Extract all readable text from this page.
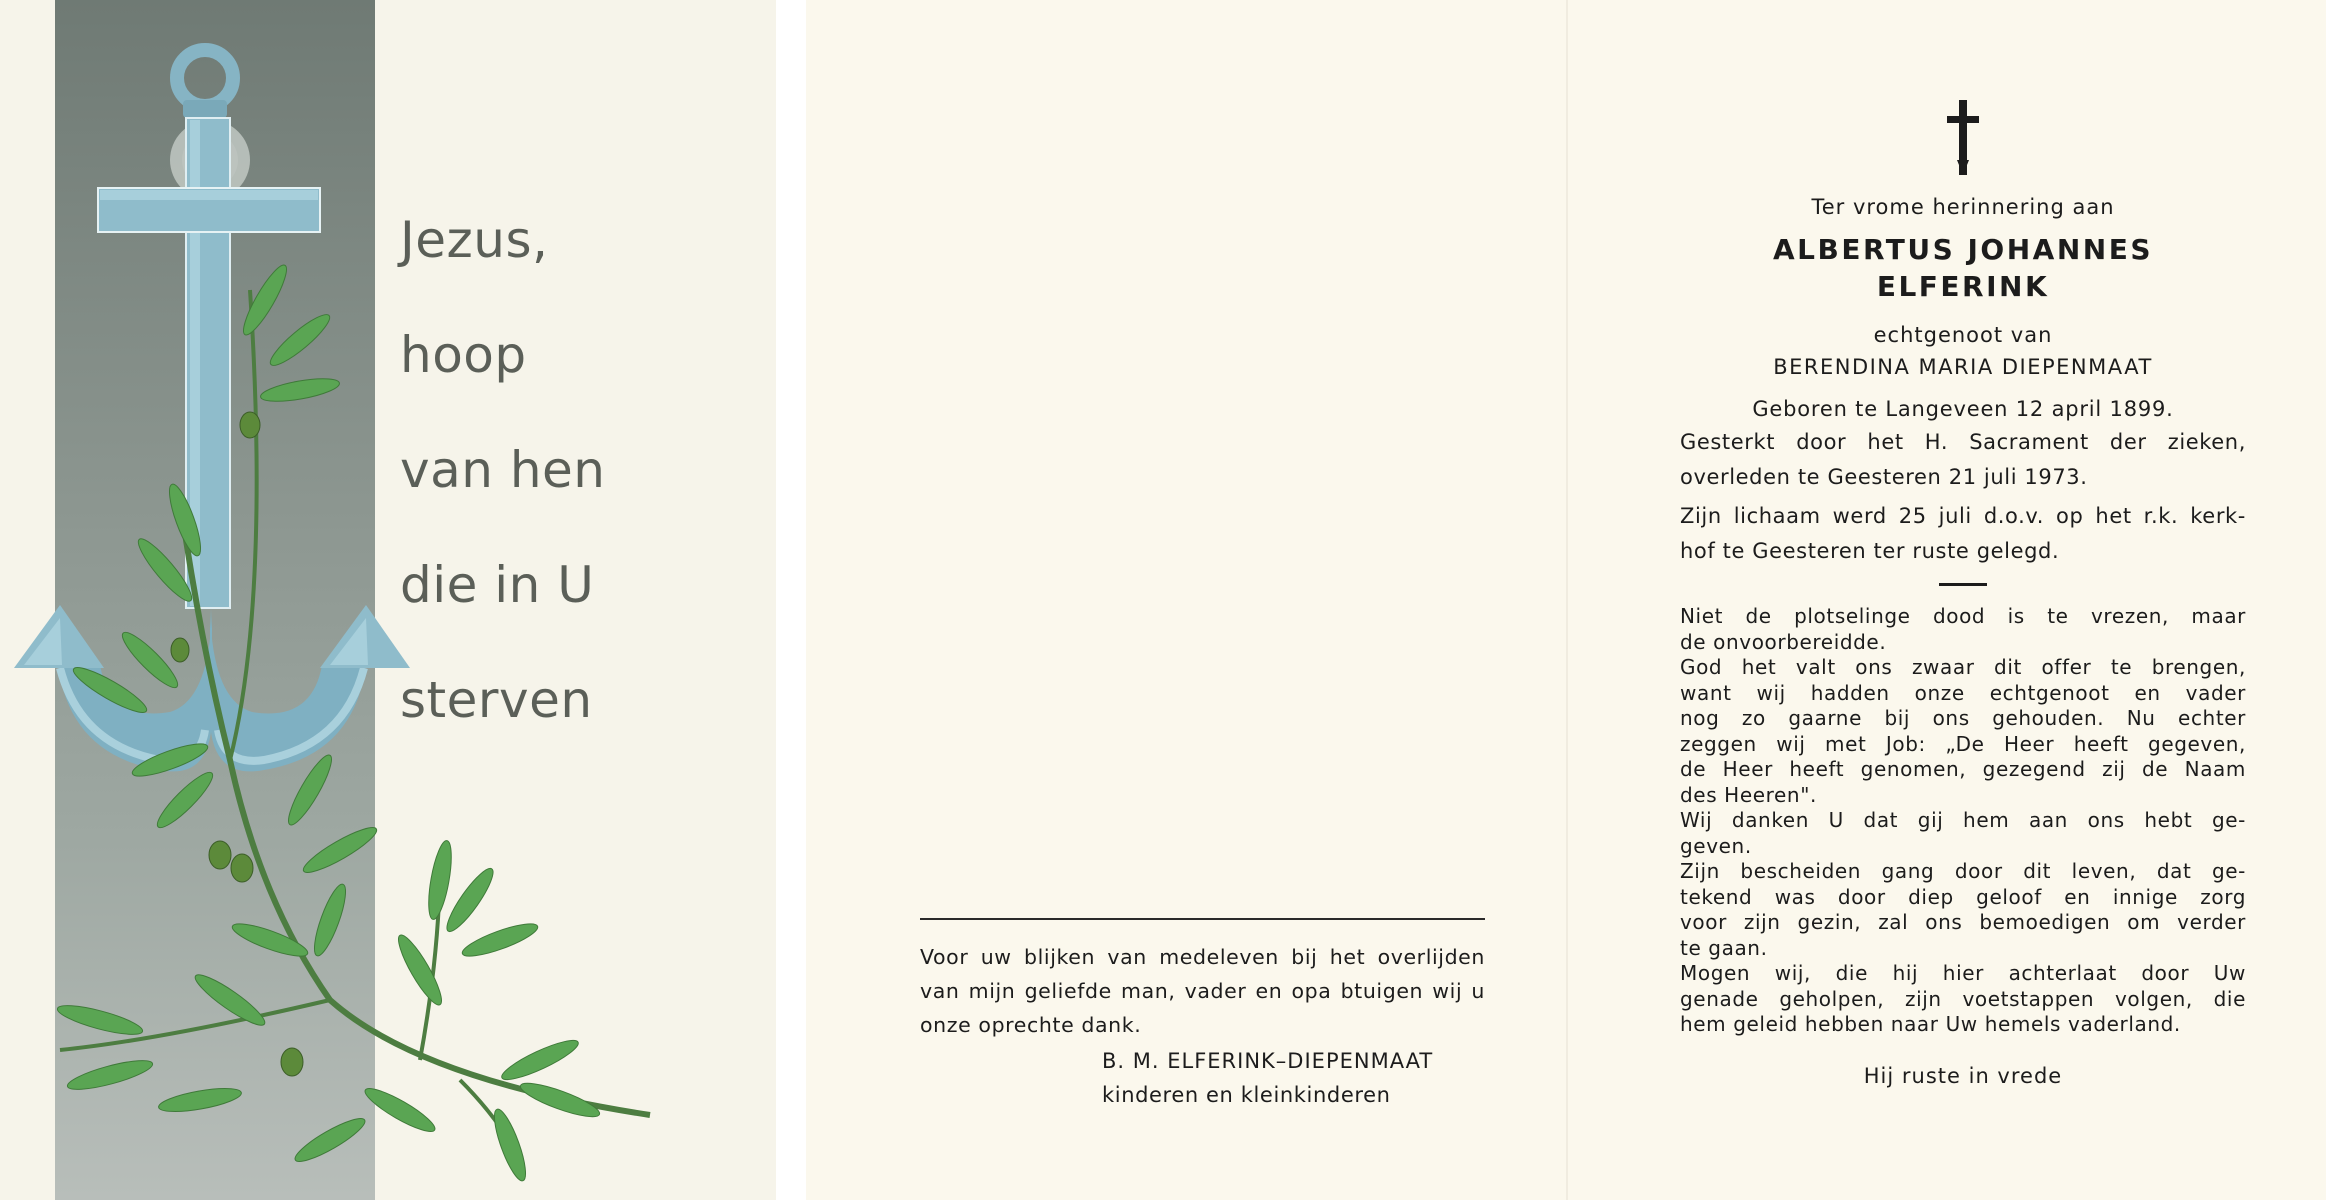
Jezus,
hoop
van hen
die in U
sterven
Voor uw blijken van medeleven bij het overlijden van mijn geliefde man, vader en opa btuigen wij u onze oprechte dank.
B. M. ELFERINK–DIEPENMAAT
kinderen en kleinkinderen
Ter vrome herinnering aan
ALBERTUS JOHANNES
ELFERINK
echtgenoot van
BERENDINA MARIA DIEPENMAAT
Geboren te Langeveen 12 april 1899.
Gesterkt door het H. Sacrament der zieken,
overleden te Geesteren 21 juli 1973.
Zijn lichaam werd 25 juli d.o.v. op het r.k. kerk-
hof te Geesteren ter ruste gelegd.
Niet de plotselinge dood is te vrezen, maar
de onvoorbereidde.
God het valt ons zwaar dit offer te brengen,
want wij hadden onze echtgenoot en vader
nog zo gaarne bij ons gehouden. Nu echter
zeggen wij met Job: „De Heer heeft gegeven,
de Heer heeft genomen, gezegend zij de Naam
des Heeren".
Wij danken U dat gij hem aan ons hebt ge-
geven.
Zijn bescheiden gang door dit leven, dat ge-
tekend was door diep geloof en innige zorg
voor zijn gezin, zal ons bemoedigen om verder
te gaan.
Mogen wij, die hij hier achterlaat door Uw
genade geholpen, zijn voetstappen volgen, die
hem geleid hebben naar Uw hemels vaderland.
Hij ruste in vrede
